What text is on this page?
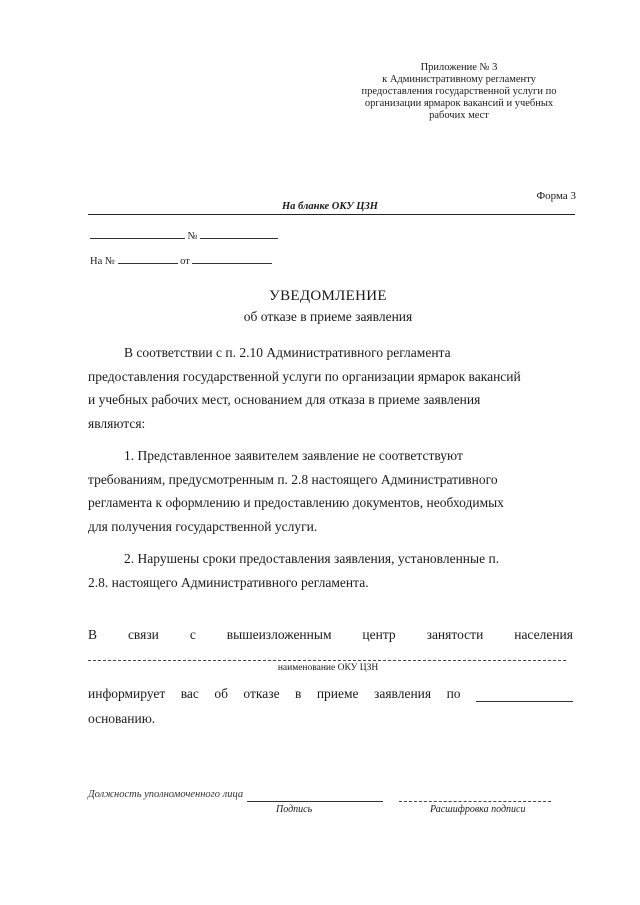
Приложение № 3
к Административному регламенту
предоставления государственной услуги по
организации ярмарок вакансий и учебных
рабочих мест
Форма 3
На бланке ОКУ ЦЗН
№
На №	от
УВЕДОМЛЕНИЕ
об отказе в приеме заявления
В соответствии с п. 2.10 Административного регламента
предоставления государственной услуги по организации ярмарок вакансий
и учебных рабочих мест, основанием для отказа в приеме заявления
являются:
1. Представленное заявителем заявление не соответствуют
требованиям, предусмотренным п. 2.8 настоящего Административного
регламента к оформлению и предоставлению документов, необходимых
для получения государственной услуги.
2. Нарушены сроки предоставления заявления, установленные п.
2.8. настоящего Административного регламента.
В связи с вышеизложенным центр занятости населения
наименование ОКУ ЦЗН
информирует вас об отказе в приеме заявления по
основанию.
Должность уполномоченного лица
Подпись	Расшифровка подписи
